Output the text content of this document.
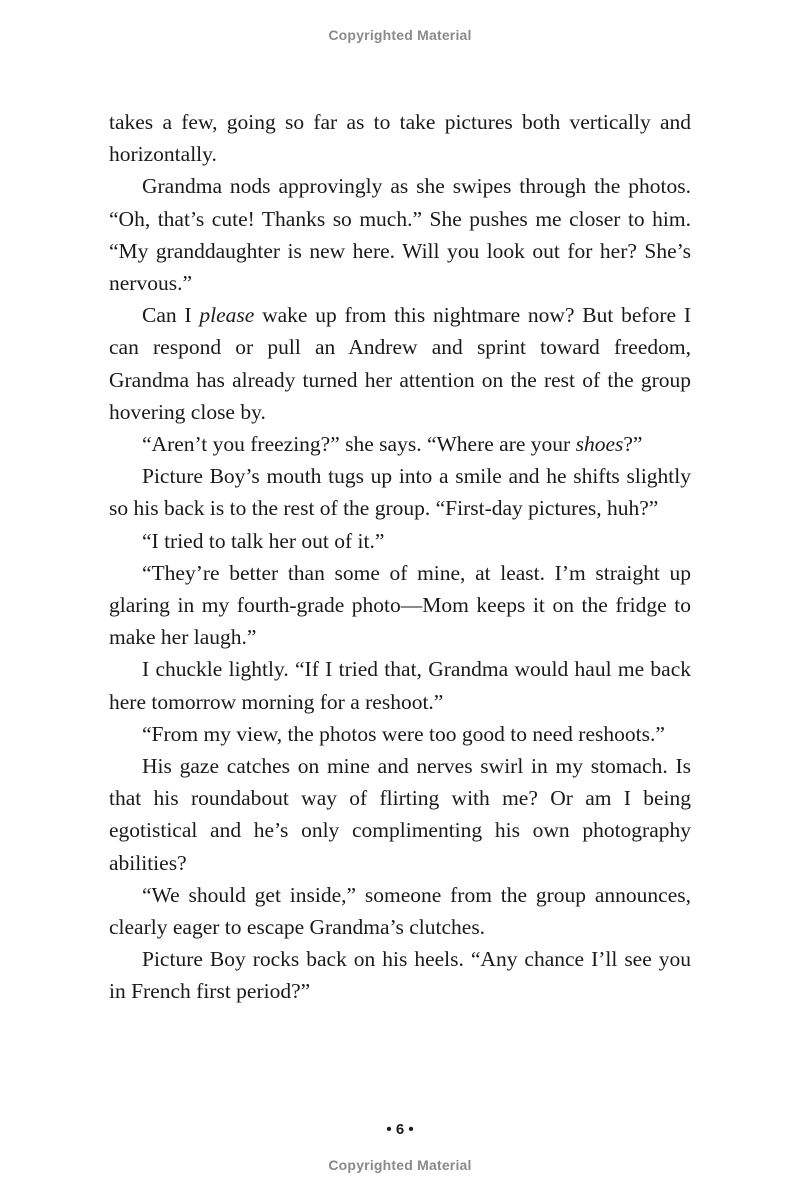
Copyrighted Material

takes a few, going so far as to take pictures both vertically and horizontally.

Grandma nods approvingly as she swipes through the photos. “Oh, that’s cute! Thanks so much.” She pushes me closer to him. “My granddaughter is new here. Will you look out for her? She’s nervous.”

Can I please wake up from this nightmare now? But before I can respond or pull an Andrew and sprint toward freedom, Grandma has already turned her attention on the rest of the group hovering close by.

“Aren’t you freezing?” she says. “Where are your shoes?”

Picture Boy’s mouth tugs up into a smile and he shifts slightly so his back is to the rest of the group. “First-day pictures, huh?”

“I tried to talk her out of it.”

“They’re better than some of mine, at least. I’m straight up glaring in my fourth-grade photo—Mom keeps it on the fridge to make her laugh.”

I chuckle lightly. “If I tried that, Grandma would haul me back here tomorrow morning for a reshoot.”

“From my view, the photos were too good to need reshoots.”

His gaze catches on mine and nerves swirl in my stomach. Is that his roundabout way of flirting with me? Or am I being egotistical and he’s only complimenting his own photography abilities?

“We should get inside,” someone from the group announces, clearly eager to escape Grandma’s clutches.

Picture Boy rocks back on his heels. “Any chance I’ll see you in French first period?”

• 6 •
Copyrighted Material
